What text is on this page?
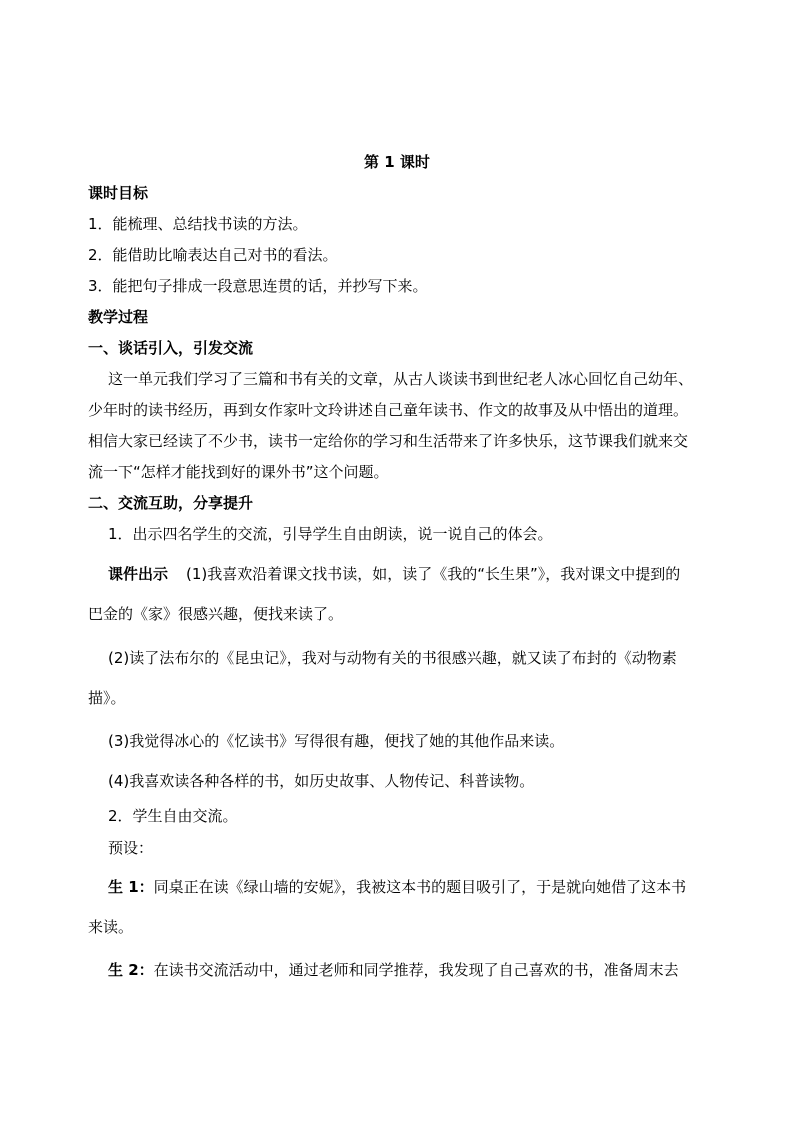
第 1 课时
课时目标
1．能梳理、总结找书读的方法。
2．能借助比喻表达自己对书的看法。
3．能把句子排成一段意思连贯的话，并抄写下来。
教学过程
一、谈话引入，引发交流
这一单元我们学习了三篇和书有关的文章，从古人谈读书到世纪老人冰心回忆自己幼年、
少年时的读书经历，再到女作家叶文玲讲述自己童年读书、作文的故事及从中悟出的道理。
相信大家已经读了不少书，读书一定给你的学习和生活带来了许多快乐，这节课我们就来交
流一下“怎样才能找到好的课外书”这个问题。
二、交流互助，分享提升
1．出示四名学生的交流，引导学生自由朗读，说一说自己的体会。
课件出示 (1)我喜欢沿着课文找书读，如，读了《我的“长生果”》，我对课文中提到的
巴金的《家》很感兴趣，便找来读了。
(2)读了法布尔的《昆虫记》，我对与动物有关的书很感兴趣，就又读了布封的《动物素
描》。
(3)我觉得冰心的《忆读书》写得很有趣，便找了她的其他作品来读。
(4)我喜欢读各种各样的书，如历史故事、人物传记、科普读物。
2．学生自由交流。
预设：
生 1：同桌正在读《绿山墙的安妮》，我被这本书的题目吸引了，于是就向她借了这本书
来读。
生 2：在读书交流活动中，通过老师和同学推荐，我发现了自己喜欢的书，准备周末去
